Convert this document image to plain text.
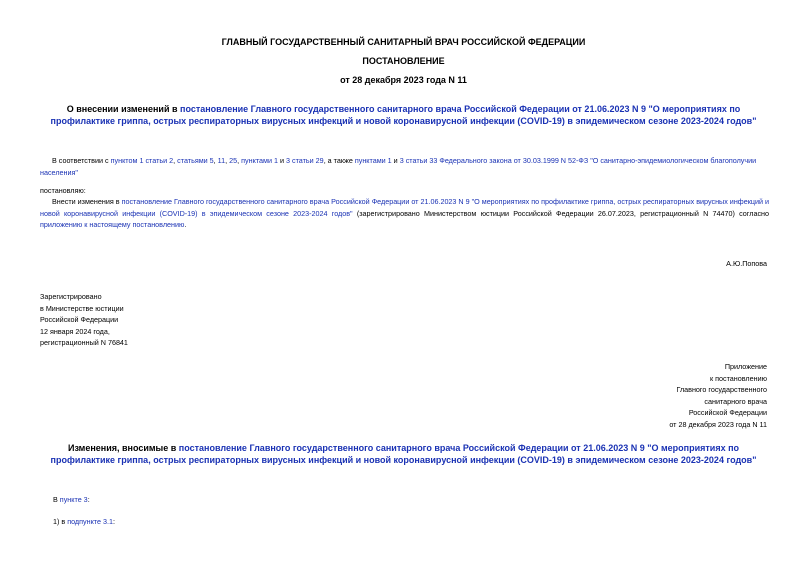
ГЛАВНЫЙ ГОСУДАРСТВЕННЫЙ САНИТАРНЫЙ ВРАЧ РОССИЙСКОЙ ФЕДЕРАЦИИ
ПОСТАНОВЛЕНИЕ
от 28 декабря 2023 года N 11
О внесении изменений в постановление Главного государственного санитарного врача Российской Федерации от 21.06.2023 N 9 "О мероприятиях по профилактике гриппа, острых респираторных вирусных инфекций и новой коронавирусной инфекции (COVID-19) в эпидемическом сезоне 2023-2024 годов"
В соответствии с пунктом 1 статьи 2, статьями 5, 11, 25, пунктами 1 и 3 статьи 29, а также пунктами 1 и 3 статьи 33 Федерального закона от 30.03.1999 N 52-ФЗ "О санитарно-эпидемиологическом благополучии населения"
постановляю:
Внести изменения в постановление Главного государственного санитарного врача Российской Федерации от 21.06.2023 N 9 "О мероприятиях по профилактике гриппа, острых респираторных вирусных инфекций и новой коронавирусной инфекции (COVID-19) в эпидемическом сезоне 2023-2024 годов" (зарегистрировано Министерством юстиции Российской Федерации 26.07.2023, регистрационный N 74470) согласно приложению к настоящему постановлению.
А.Ю.Попова
Зарегистрировано
в Министерстве юстиции
Российской Федерации
12 января 2024 года,
регистрационный N 76841
Приложение
к постановлению
Главного государственного
санитарного врача
Российской Федерации
от 28 декабря 2023 года N 11
Изменения, вносимые в постановление Главного государственного санитарного врача Российской Федерации от 21.06.2023 N 9 "О мероприятиях по профилактике гриппа, острых респираторных вирусных инфекций и новой коронавирусной инфекции (COVID-19) в эпидемическом сезоне 2023-2024 годов"
В пункте 3:
1) в подпункте 3.1:
